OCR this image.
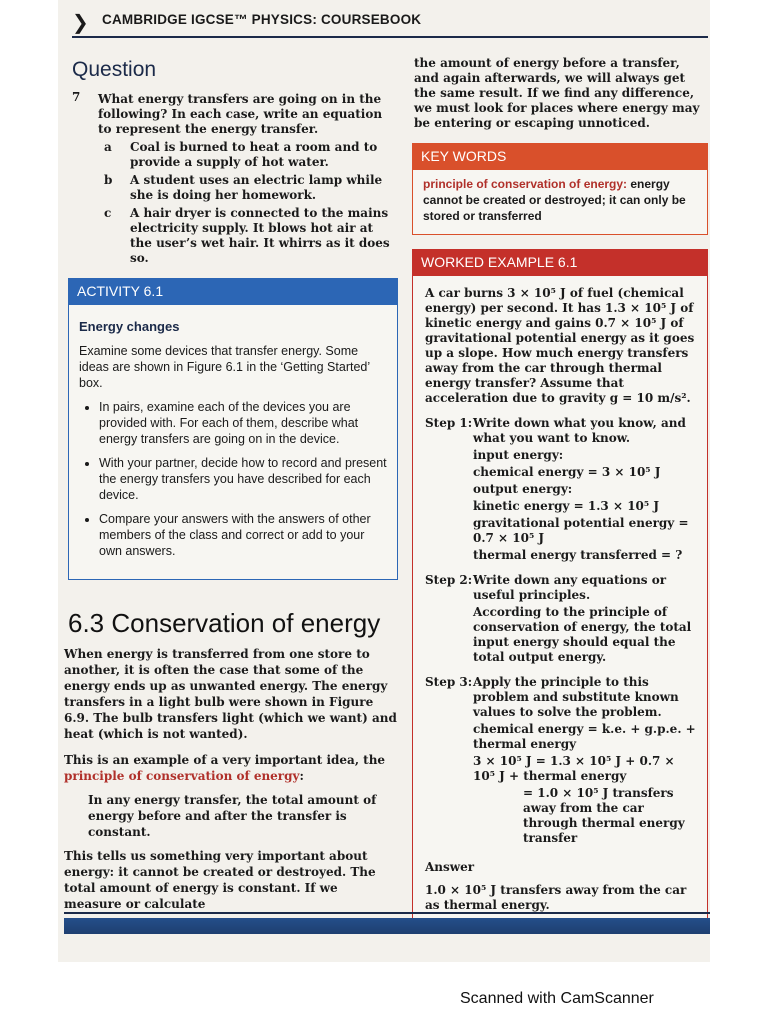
❯ CAMBRIDGE IGCSE™ PHYSICS: COURSEBOOK
Question
7 What energy transfers are going on in the following? In each case, write an equation to represent the energy transfer.
a	Coal is burned to heat a room and to provide a supply of hot water.
b	A student uses an electric lamp while she is doing her homework.
c	A hair dryer is connected to the mains electricity supply. It blows hot air at the user’s wet hair. It whirrs as it does so.
ACTIVITY 6.1
Energy changes
Examine some devices that transfer energy. Some ideas are shown in Figure 6.1 in the ‘Getting Started’ box.
• In pairs, examine each of the devices you are provided with. For each of them, describe what energy transfers are going on in the device.
• With your partner, decide how to record and present the energy transfers you have described for each device.
• Compare your answers with the answers of other members of the class and correct or add to your own answers.
6.3 Conservation of energy
When energy is transferred from one store to another, it is often the case that some of the energy ends up as unwanted energy. The energy transfers in a light bulb were shown in Figure 6.9. The bulb transfers light (which we want) and heat (which is not wanted).
This is an example of a very important idea, the principle of conservation of energy:
In any energy transfer, the total amount of energy before and after the transfer is constant.
This tells us something very important about energy: it cannot be created or destroyed. The total amount of energy is constant. If we measure or calculate
the amount of energy before a transfer, and again afterwards, we will always get the same result. If we find any difference, we must look for places where energy may be entering or escaping unnoticed.
KEY WORDS
principle of conservation of energy: energy cannot be created or destroyed; it can only be stored or transferred
WORKED EXAMPLE 6.1
A car burns 3 × 10⁵ J of fuel (chemical energy) per second. It has 1.3 × 10⁵ J of kinetic energy and gains 0.7 × 10⁵ J of gravitational potential energy as it goes up a slope. How much energy transfers away from the car through thermal energy transfer? Assume that acceleration due to gravity g = 10 m/s².
Step 1: Write down what you know, and what you want to know.
input energy:
chemical energy = 3 × 10⁵ J
output energy:
kinetic energy = 1.3 × 10⁵ J
gravitational potential energy = 0.7 × 10⁵ J
thermal energy transferred = ?
Step 2: Write down any equations or useful principles.
According to the principle of conservation of energy, the total input energy should equal the total output energy.
Step 3: Apply the principle to this problem and substitute known values to solve the problem.
chemical energy = k.e. + g.p.e. + thermal energy
3 × 10⁵ J = 1.3 × 10⁵ J + 0.7 × 10⁵ J + thermal energy
= 1.0 × 10⁵ J transfers away from the car through thermal energy transfer
Answer
1.0 × 10⁵ J transfers away from the car as thermal energy.
Scanned with CamScanner
